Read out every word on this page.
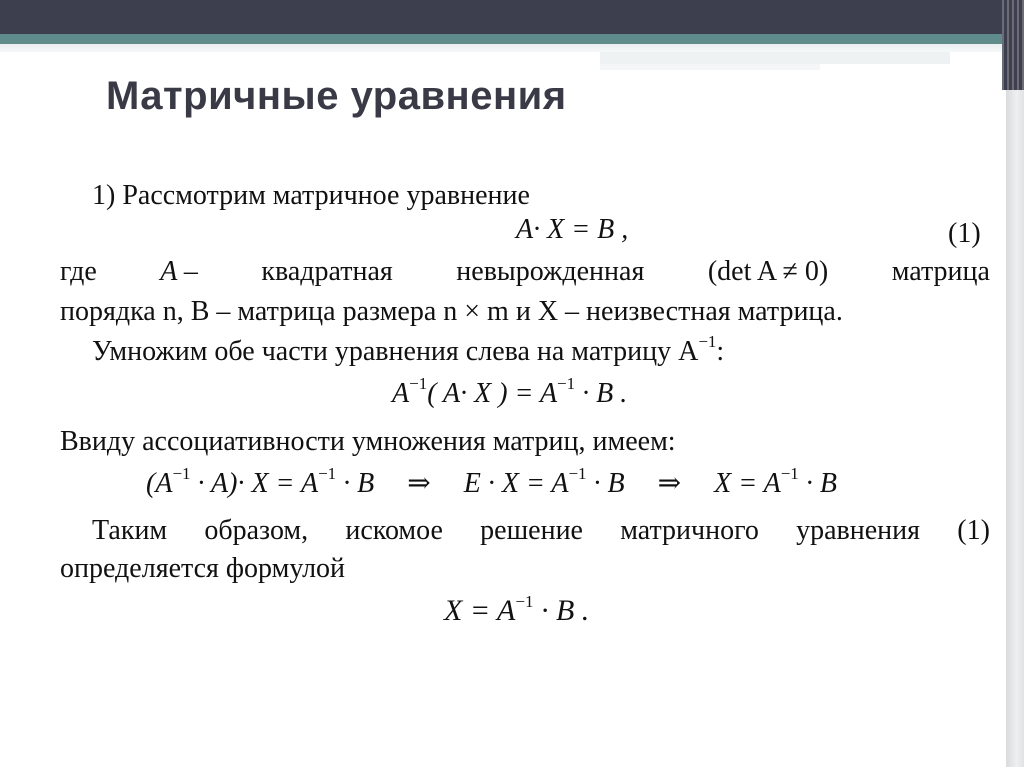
Матричные уравнения
1) Рассмотрим матричное уравнение
A· X = B ,	(1)
где A – квадратная невырожденная (det A ≠ 0) матрица
порядка n, B – матрица размера n × m и X – неизвестная матрица.
Умножим обе части уравнения слева на матрицу $A^{-1}$:
$A^{-1}$( A· X ) = $A^{-1} \cdot B$ .
Ввиду ассоциативности умножения матриц, имеем:
$(A^{-1} \cdot A)\cdot X = A^{-1} \cdot B$ ⇒ $E \cdot X = A^{-1} \cdot B$ ⇒ $X = A^{-1} \cdot B$
Таким образом, искомое решение матричного уравнения (1)
определяется формулой
$X = A^{-1} \cdot B$ .
